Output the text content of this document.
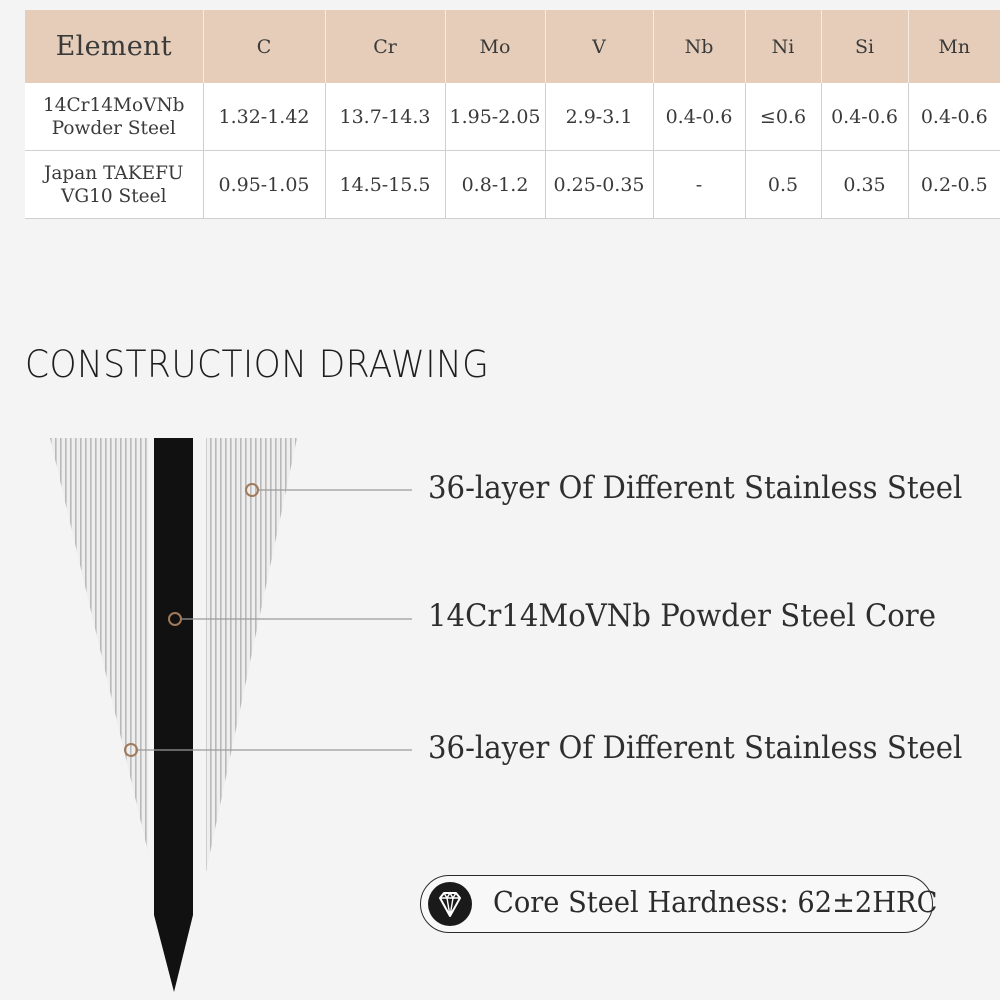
Element	C	Cr	Mo	V	Nb	Ni	Si	Mn
14Cr14MoVNb
Powder Steel	1.32-1.42	13.7-14.3	1.95-2.05	2.9-3.1	0.4-0.6	≤0.6	0.4-0.6	0.4-0.6
Japan TAKEFU
VG10 Steel	0.95-1.05	14.5-15.5	0.8-1.2	0.25-0.35	-	0.5	0.35	0.2-0.5
CONSTRUCTION DRAWING
36-layer Of Different Stainless Steel
14Cr14MoVNb Powder Steel Core
36-layer Of Different Stainless Steel
Core Steel Hardness: 62±2HRC
